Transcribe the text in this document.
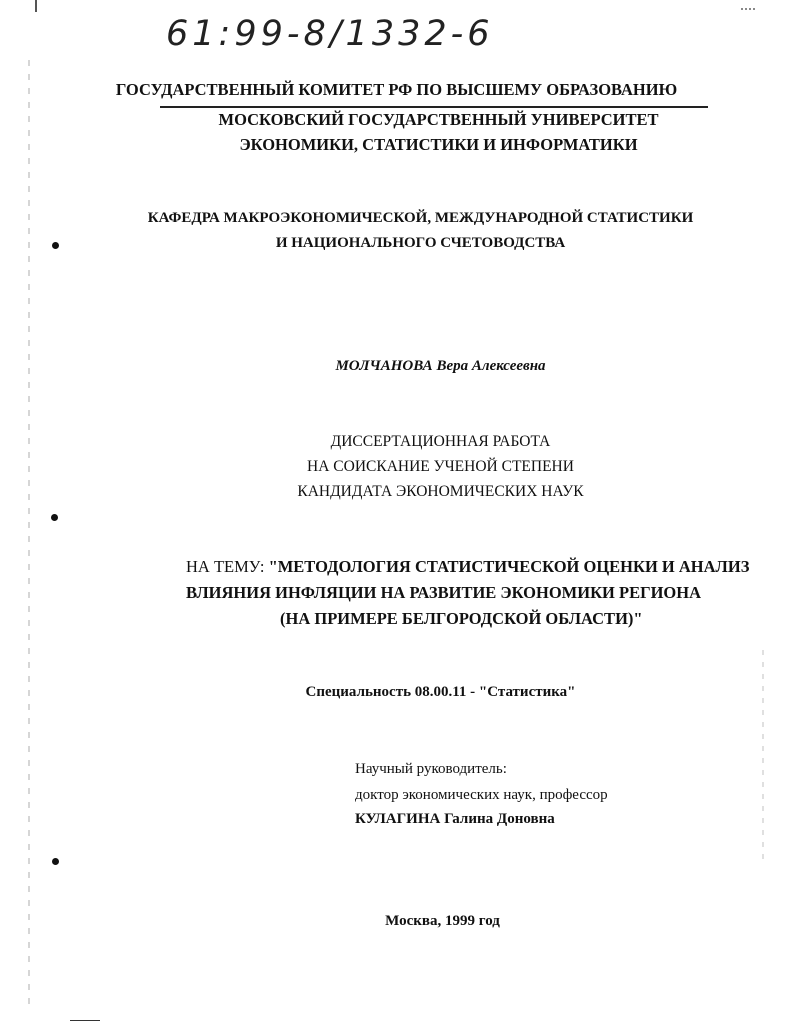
61:99-8/1332-6
ГОСУДАРСТВЕННЫЙ КОМИТЕТ РФ ПО ВЫСШЕМУ ОБРАЗОВАНИЮ
МОСКОВСКИЙ ГОСУДАРСТВЕННЫЙ УНИВЕРСИТЕТ
ЭКОНОМИКИ, СТАТИСТИКИ И ИНФОРМАТИКИ
КАФЕДРА МАКРОЭКОНОМИЧЕСКОЙ, МЕЖДУНАРОДНОЙ СТАТИСТИКИ
И НАЦИОНАЛЬНОГО СЧЕТОВОДСТВА
МОЛЧАНОВА Вера Алексеевна
ДИССЕРТАЦИОННАЯ РАБОТА
НА СОИСКАНИЕ УЧЕНОЙ СТЕПЕНИ
КАНДИДАТА ЭКОНОМИЧЕСКИХ НАУК
НА ТЕМУ: "МЕТОДОЛОГИЯ СТАТИСТИЧЕСКОЙ ОЦЕНКИ И АНАЛИЗ
ВЛИЯНИЯ ИНФЛЯЦИИ НА РАЗВИТИЕ ЭКОНОМИКИ РЕГИОНА
(НА ПРИМЕРЕ БЕЛГОРОДСКОЙ ОБЛАСТИ)"
Специальность 08.00.11 - "Статистика"
Научный руководитель:
доктор экономических наук, профессор
КУЛАГИНА Галина Доновна
Москва, 1999 год
